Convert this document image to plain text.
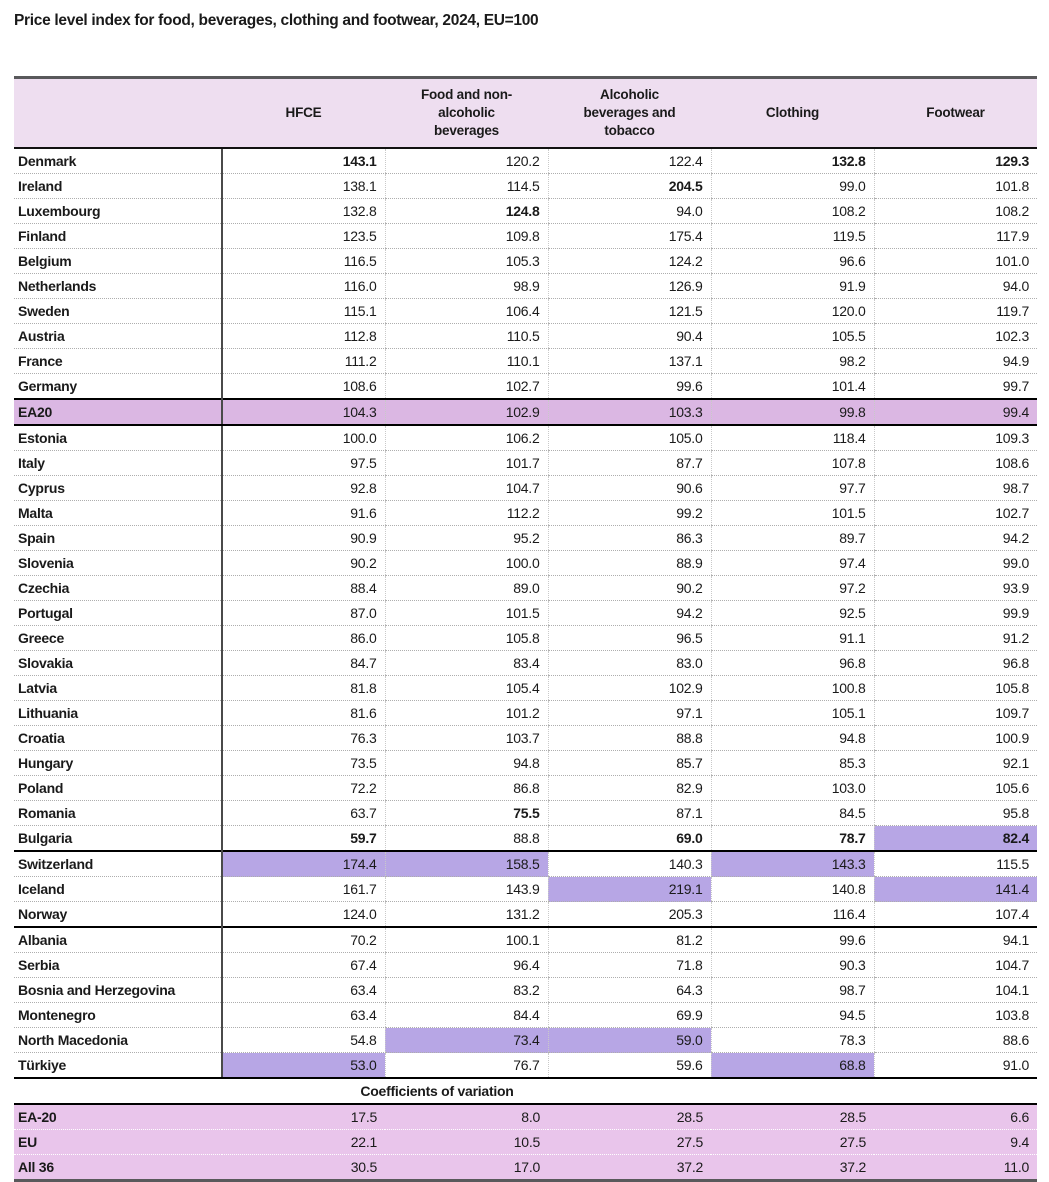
Price level index for food, beverages, clothing and footwear, 2024, EU=100
	HFCE	Food and non-alcoholic beverages	Alcoholic beverages and tobacco	Clothing	Footwear
Denmark	143.1	120.2	122.4	132.8	129.3
Ireland	138.1	114.5	204.5	99.0	101.8
Luxembourg	132.8	124.8	94.0	108.2	108.2
Finland	123.5	109.8	175.4	119.5	117.9
Belgium	116.5	105.3	124.2	96.6	101.0
Netherlands	116.0	98.9	126.9	91.9	94.0
Sweden	115.1	106.4	121.5	120.0	119.7
Austria	112.8	110.5	90.4	105.5	102.3
France	111.2	110.1	137.1	98.2	94.9
Germany	108.6	102.7	99.6	101.4	99.7
EA20	104.3	102.9	103.3	99.8	99.4
Estonia	100.0	106.2	105.0	118.4	109.3
Italy	97.5	101.7	87.7	107.8	108.6
Cyprus	92.8	104.7	90.6	97.7	98.7
Malta	91.6	112.2	99.2	101.5	102.7
Spain	90.9	95.2	86.3	89.7	94.2
Slovenia	90.2	100.0	88.9	97.4	99.0
Czechia	88.4	89.0	90.2	97.2	93.9
Portugal	87.0	101.5	94.2	92.5	99.9
Greece	86.0	105.8	96.5	91.1	91.2
Slovakia	84.7	83.4	83.0	96.8	96.8
Latvia	81.8	105.4	102.9	100.8	105.8
Lithuania	81.6	101.2	97.1	105.1	109.7
Croatia	76.3	103.7	88.8	94.8	100.9
Hungary	73.5	94.8	85.7	85.3	92.1
Poland	72.2	86.8	82.9	103.0	105.6
Romania	63.7	75.5	87.1	84.5	95.8
Bulgaria	59.7	88.8	69.0	78.7	82.4
Switzerland	174.4	158.5	140.3	143.3	115.5
Iceland	161.7	143.9	219.1	140.8	141.4
Norway	124.0	131.2	205.3	116.4	107.4
Albania	70.2	100.1	81.2	99.6	94.1
Serbia	67.4	96.4	71.8	90.3	104.7
Bosnia and Herzegovina	63.4	83.2	64.3	98.7	104.1
Montenegro	63.4	84.4	69.9	94.5	103.8
North Macedonia	54.8	73.4	59.0	78.3	88.6
Türkiye	53.0	76.7	59.6	68.8	91.0
Coefficients of variation					
EA-20	17.5	8.0	28.5	28.5	6.6
EU	22.1	10.5	27.5	27.5	9.4
All 36	30.5	17.0	37.2	37.2	11.0
